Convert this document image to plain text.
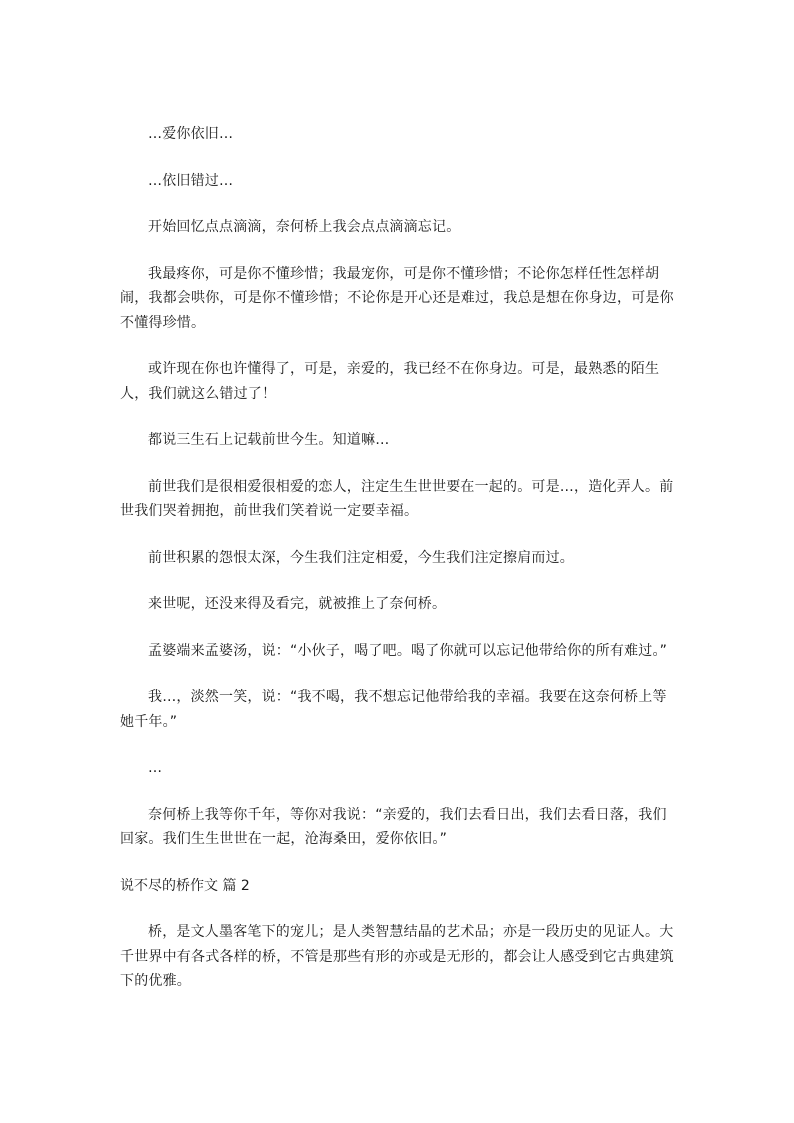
…爱你依旧…

…依旧错过…

开始回忆点点滴滴，奈何桥上我会点点滴滴忘记。

我最疼你，可是你不懂珍惜；我最宠你，可是你不懂珍惜；不论你怎样任性怎样胡闹，我都会哄你，可是你不懂珍惜；不论你是开心还是难过，我总是想在你身边，可是你不懂得珍惜。

或许现在你也许懂得了，可是，亲爱的，我已经不在你身边。可是，最熟悉的陌生人，我们就这么错过了！

都说三生石上记载前世今生。知道嘛…

前世我们是很相爱很相爱的恋人，注定生生世世要在一起的。可是…，造化弄人。前世我们哭着拥抱，前世我们笑着说一定要幸福。

前世积累的怨恨太深，今生我们注定相爱，今生我们注定擦肩而过。

来世呢，还没来得及看完，就被推上了奈何桥。

孟婆端来孟婆汤，说：“小伙子，喝了吧。喝了你就可以忘记他带给你的所有难过。”

我…，淡然一笑，说：“我不喝，我不想忘记他带给我的幸福。我要在这奈何桥上等她千年。”

…

奈何桥上我等你千年，等你对我说：“亲爱的，我们去看日出，我们去看日落，我们回家。我们生生世世在一起，沧海桑田，爱你依旧。”

说不尽的桥作文 篇 2

桥，是文人墨客笔下的宠儿；是人类智慧结晶的艺术品；亦是一段历史的见证人。大千世界中有各式各样的桥，不管是那些有形的亦或是无形的，都会让人感受到它古典建筑下的优雅。
